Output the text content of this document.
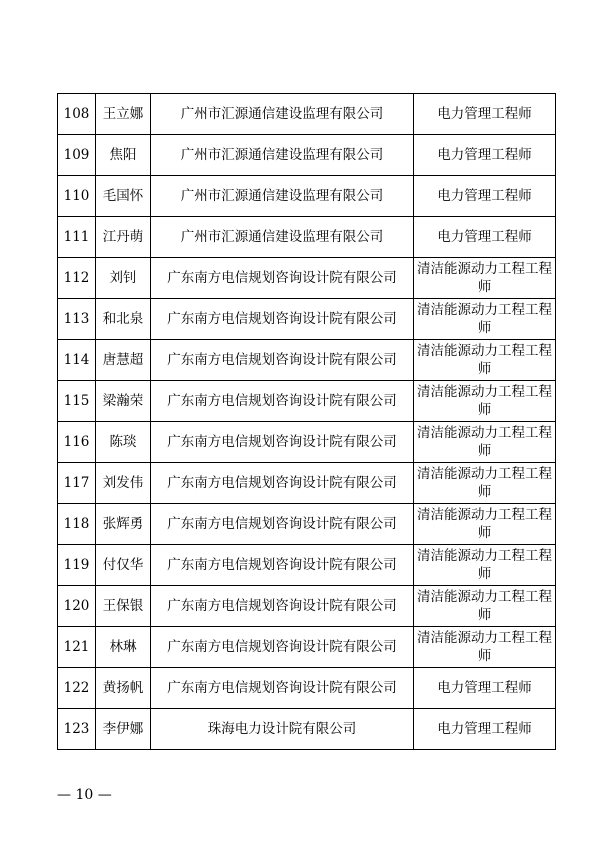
108	王立娜	广州市汇源通信建设监理有限公司	电力管理工程师
109	焦阳	广州市汇源通信建设监理有限公司	电力管理工程师
110	毛国怀	广州市汇源通信建设监理有限公司	电力管理工程师
111	江丹萌	广州市汇源通信建设监理有限公司	电力管理工程师
112	刘钊	广东南方电信规划咨询设计院有限公司	清洁能源动力工程工程师
113	和北泉	广东南方电信规划咨询设计院有限公司	清洁能源动力工程工程师
114	唐慧超	广东南方电信规划咨询设计院有限公司	清洁能源动力工程工程师
115	梁瀚荣	广东南方电信规划咨询设计院有限公司	清洁能源动力工程工程师
116	陈琰	广东南方电信规划咨询设计院有限公司	清洁能源动力工程工程师
117	刘发伟	广东南方电信规划咨询设计院有限公司	清洁能源动力工程工程师
118	张辉勇	广东南方电信规划咨询设计院有限公司	清洁能源动力工程工程师
119	付仅华	广东南方电信规划咨询设计院有限公司	清洁能源动力工程工程师
120	王保银	广东南方电信规划咨询设计院有限公司	清洁能源动力工程工程师
121	林琳	广东南方电信规划咨询设计院有限公司	清洁能源动力工程工程师
122	黄扬帆	广东南方电信规划咨询设计院有限公司	电力管理工程师
123	李伊娜	珠海电力设计院有限公司	电力管理工程师
— 10 —
